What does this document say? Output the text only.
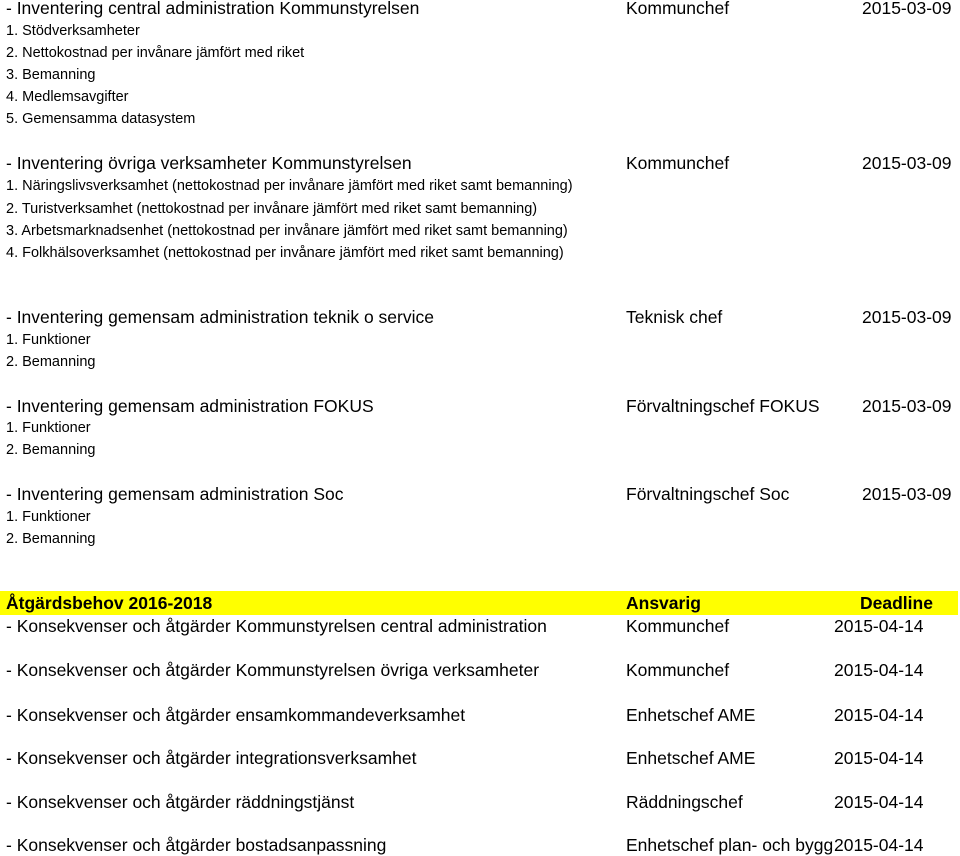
- Inventering central administration Kommunstyrelsen	Kommunchef	2015-03-09
1. Stödverksamheter
2. Nettokostnad per invånare jämfört med riket
3. Bemanning
4. Medlemsavgifter
5. Gemensamma datasystem
- Inventering övriga verksamheter Kommunstyrelsen	Kommunchef	2015-03-09
1. Näringslivsverksamhet (nettokostnad per invånare jämfört med riket samt bemanning)
2. Turistverksamhet (nettokostnad per invånare jämfört med riket samt bemanning)
3. Arbetsmarknadsenhet (nettokostnad per invånare jämfört med riket samt bemanning)
4. Folkhälsoverksamhet (nettokostnad per invånare jämfört med riket samt bemanning)
- Inventering gemensam administration teknik o service	Teknisk chef	2015-03-09
1. Funktioner
2. Bemanning
- Inventering gemensam administration FOKUS	Förvaltningschef FOKUS 2015-03-09
1. Funktioner
2. Bemanning
- Inventering gemensam administration Soc	Förvaltningschef Soc	2015-03-09
1. Funktioner
2. Bemanning
Åtgärdsbehov 2016-2018	Ansvarig	Deadline
- Konsekvenser och åtgärder Kommunstyrelsen central administration	Kommunchef	2015-04-14
- Konsekvenser och åtgärder Kommunstyrelsen övriga verksamheter	Kommunchef	2015-04-14
- Konsekvenser och åtgärder ensamkommandeverksamhet	Enhetschef AME	2015-04-14
- Konsekvenser och åtgärder integrationsverksamhet	Enhetschef AME	2015-04-14
- Konsekvenser och åtgärder räddningstjänst	Räddningschef	2015-04-14
- Konsekvenser och åtgärder bostadsanpassning	Enhetschef plan- och bygg 2015-04-14
